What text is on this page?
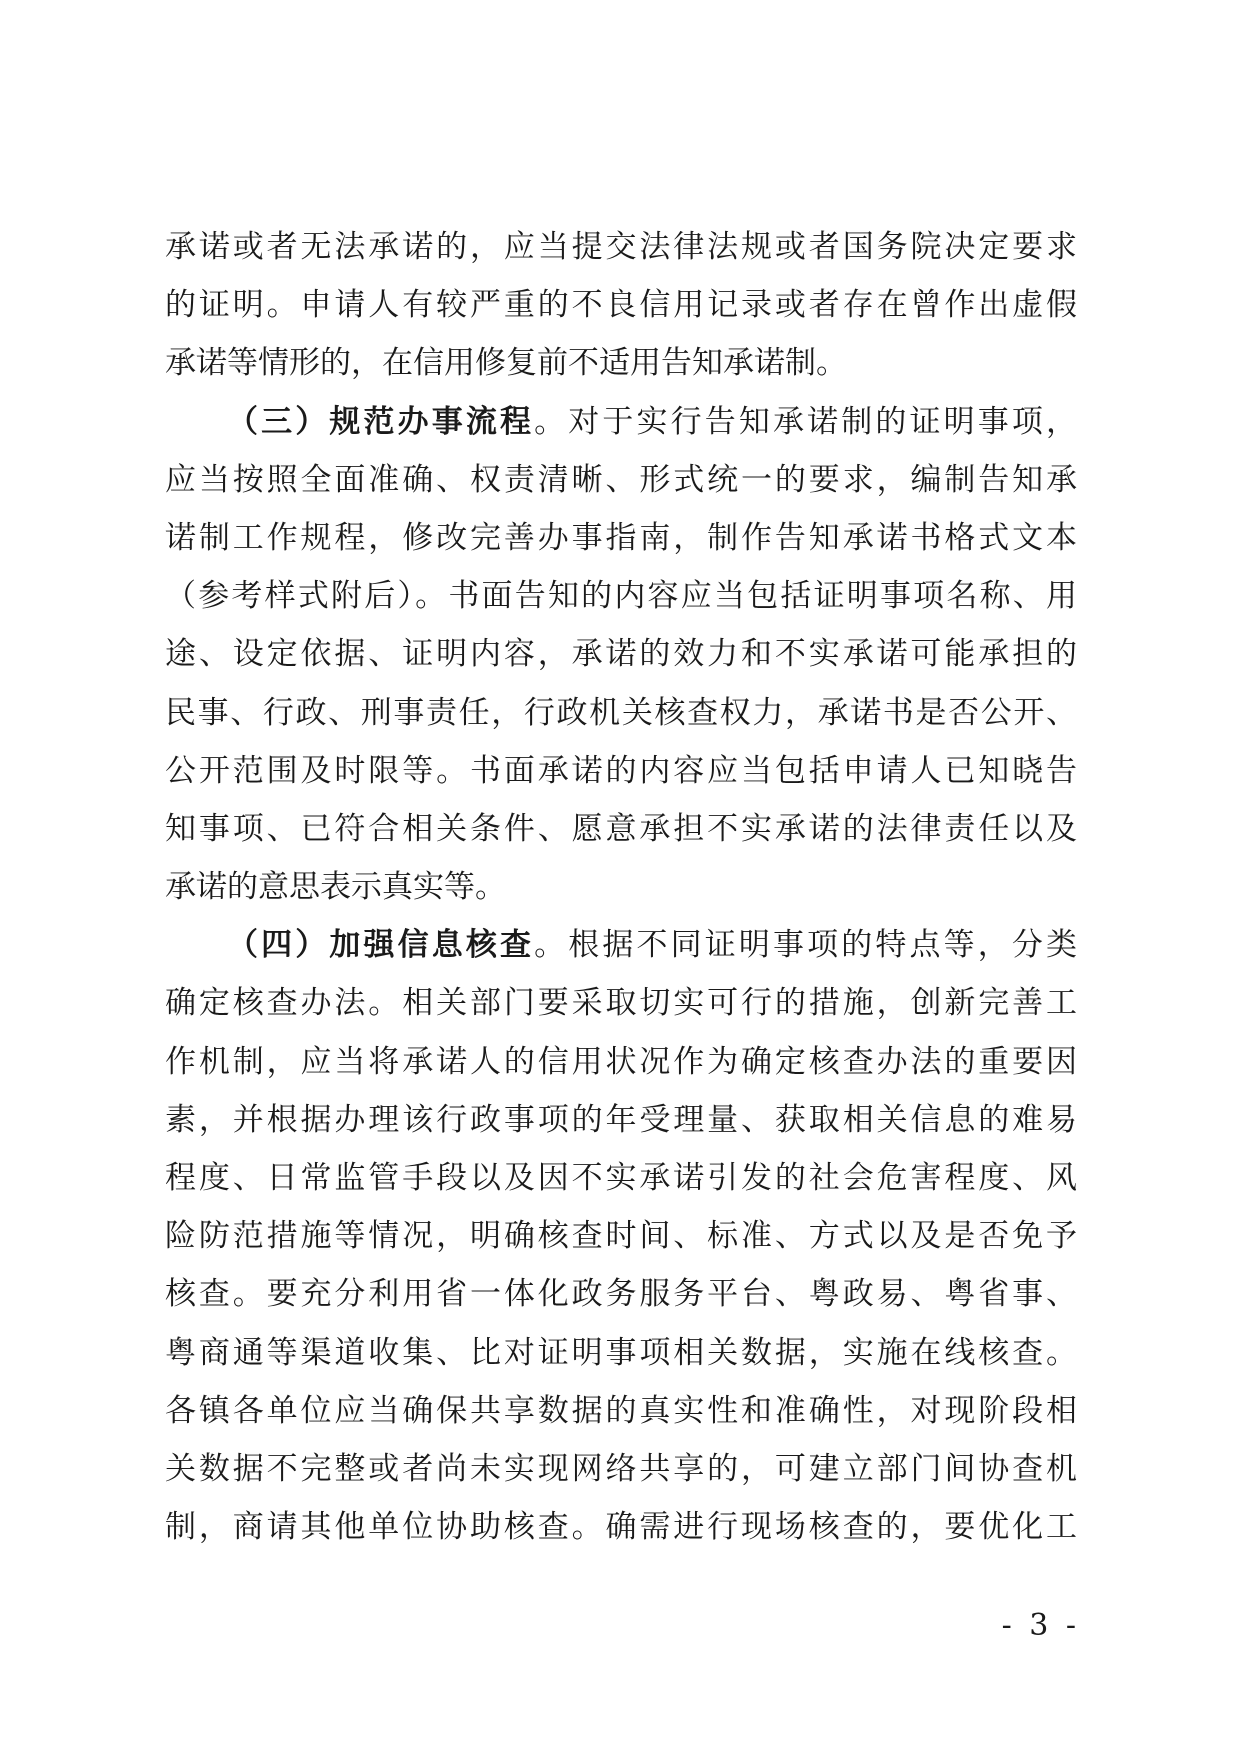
承诺或者无法承诺的，应当提交法律法规或者国务院决定要求
的证明。申请人有较严重的不良信用记录或者存在曾作出虚假
承诺等情形的，在信用修复前不适用告知承诺制。
（三）规范办事流程。对于实行告知承诺制的证明事项，
应当按照全面准确、权责清晰、形式统一的要求，编制告知承
诺制工作规程，修改完善办事指南，制作告知承诺书格式文本
（参考样式附后）。书面告知的内容应当包括证明事项名称、用
途、设定依据、证明内容，承诺的效力和不实承诺可能承担的
民事、行政、刑事责任，行政机关核查权力，承诺书是否公开、
公开范围及时限等。书面承诺的内容应当包括申请人已知晓告
知事项、已符合相关条件、愿意承担不实承诺的法律责任以及
承诺的意思表示真实等。
（四）加强信息核查。根据不同证明事项的特点等，分类
确定核查办法。相关部门要采取切实可行的措施，创新完善工
作机制，应当将承诺人的信用状况作为确定核查办法的重要因
素，并根据办理该行政事项的年受理量、获取相关信息的难易
程度、日常监管手段以及因不实承诺引发的社会危害程度、风
险防范措施等情况，明确核查时间、标准、方式以及是否免予
核查。要充分利用省一体化政务服务平台、粤政易、粤省事、
粤商通等渠道收集、比对证明事项相关数据，实施在线核查。
各镇各单位应当确保共享数据的真实性和准确性，对现阶段相
关数据不完整或者尚未实现网络共享的，可建立部门间协查机
制，商请其他单位协助核查。确需进行现场核查的，要优化工
- 3 -
